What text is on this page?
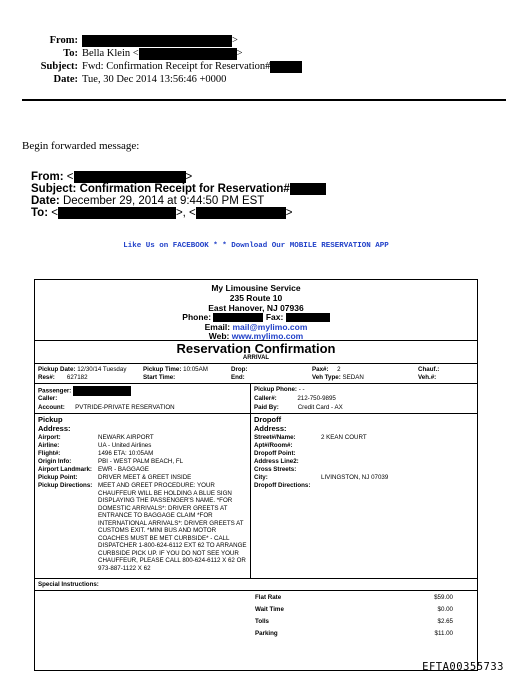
From:	>
To: Bella Klein <	>
Subject: Fwd: Confirmation Receipt for Reservation#
Date: Tue, 30 Dec 2014 13:56:46 +0000
Begin forwarded message:
From: <	>
Subject: Confirmation Receipt for Reservation#
Date: December 29, 2014 at 9:44:50 PM EST
To: <	>, <	>
Like Us on FACEBOOK * * Download Our MOBILE RESERVATION APP
My Limousine Service
235 Route 10
East Hanover, NJ 07936
Phone:	Fax:
Email: mail@mylimo.com
Web: www.mylimo.com
Reservation Confirmation
ARRIVAL
Pickup Date: 12/30/14 Tuesday	Pickup Time: 10:05AM	Drop:	Pax#: 2	Chauf.:
Res#: 627182	Start Time:	End:	Veh Type: SEDAN	Veh.#:
Passenger:
Caller:
Account: PVTRIDE-PRIVATE RESERVATION
Pickup Phone: - -
Caller#:	212-750-9895
Paid By:	Credit Card - AX
Pickup
Address:
Airport:	NEWARK AIRPORT
Airline:	UA - United Airlines
Flight#:	1496 ETA: 10:05AM
Origin Info:	PBI - WEST PALM BEACH, FL
Airport Landmark: EWR - BAGGAGE
Pickup Point:	DRIVER MEET & GREET INSIDE
Pickup Directions: MEET AND GREET PROCEDURE: YOUR CHAUFFEUR WILL BE HOLDING A BLUE SIGN DISPLAYING THE PASSENGER'S NAME. *FOR DOMESTIC ARRIVALS*: DRIVER GREETS AT ENTRANCE TO BAGGAGE CLAIM *FOR INTERNATIONAL ARRIVALS*: DRIVER GREETS AT CUSTOMS EXIT. *MINI BUS AND MOTOR COACHES MUST BE MET CURBSIDE* - CALL DISPATCHER 1-800-624-6112 EXT 62 TO ARRANGE CURBSIDE PICK UP. IF YOU DO NOT SEE YOUR CHAUFFEUR, PLEASE CALL 800-624-6112 X 62 OR 973-887-1122 X 62
Dropoff
Address:
Street#/Name:	2 KEAN COURT
Apt#/Room#:
Dropoff Point:
Address Line2:
Cross Streets:
City:	LIVINGSTON, NJ 07039
Dropoff Directions:
Special Instructions:
Flat Rate	$59.00
Wait Time	$0.00
Tolls	$2.65
Parking	$11.00
EFTA00355733
